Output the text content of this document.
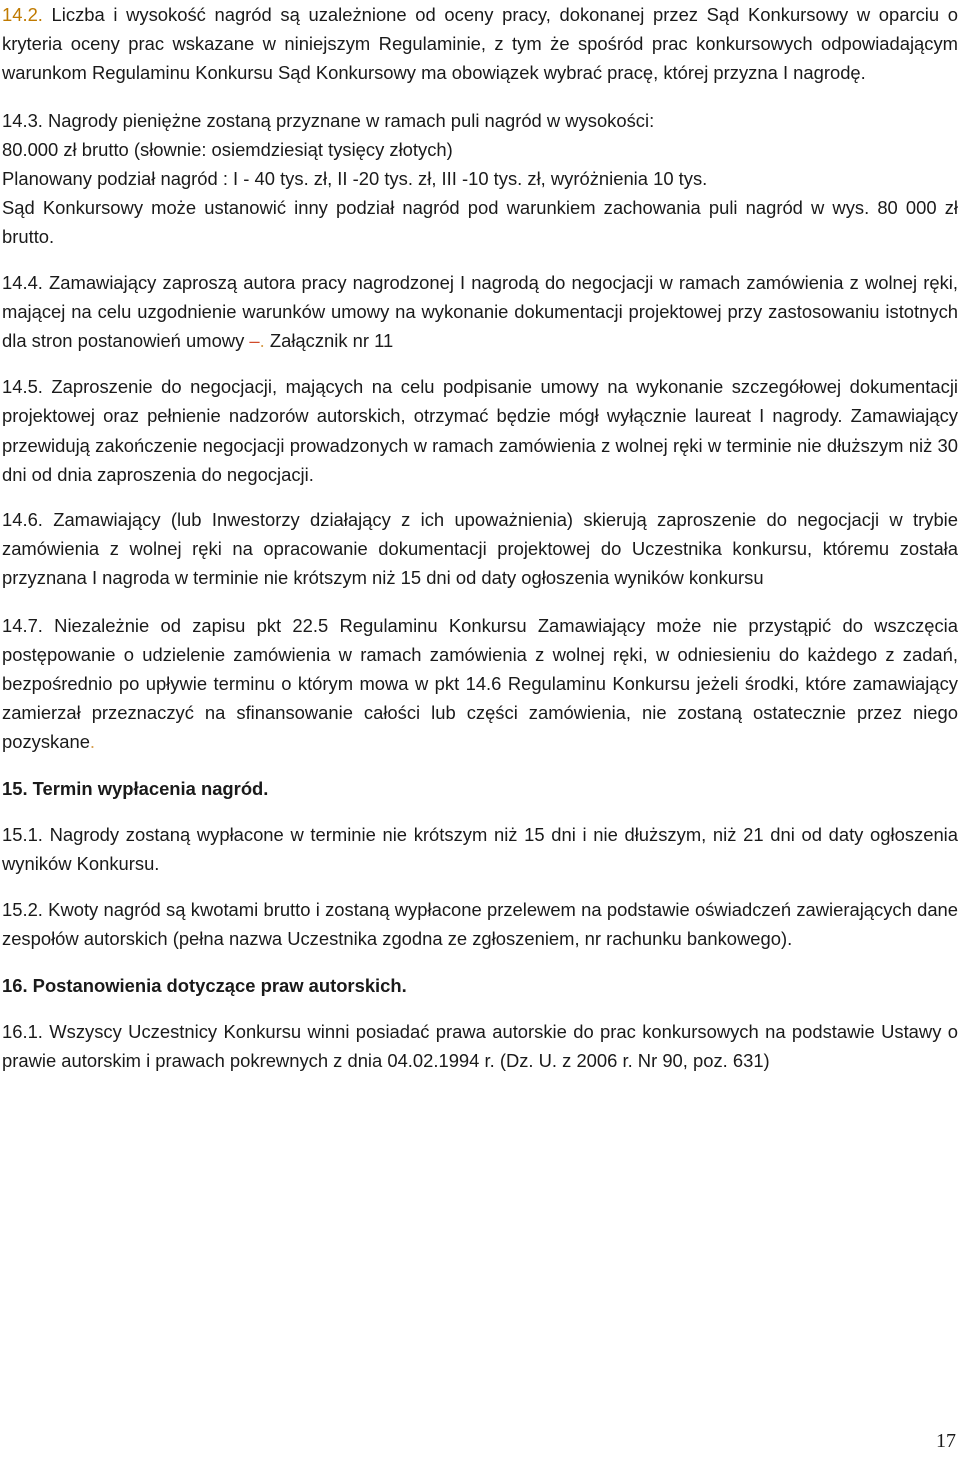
14.2. Liczba i wysokość nagród są uzależnione od oceny pracy, dokonanej przez Sąd Konkursowy w oparciu o kryteria oceny prac wskazane w niniejszym Regulaminie, z tym że spośród prac konkursowych odpowiadającym warunkom Regulaminu Konkursu Sąd Konkursowy ma obowiązek wybrać pracę, której przyzna I nagrodę.

14.3. Nagrody pieniężne zostaną przyznane w ramach puli nagród w wysokości:
80.000 zł brutto (słownie: osiemdziesiąt tysięcy złotych)
Planowany podział nagród : I - 40 tys. zł, II -20 tys. zł, III -10 tys. zł, wyróżnienia 10 tys.

Sąd Konkursowy może ustanowić inny podział nagród pod warunkiem zachowania puli nagród w wys. 80 000 zł brutto.

14.4. Zamawiający zaproszą autora pracy nagrodzonej I nagrodą do negocjacji w ramach zamówienia z wolnej ręki, mającej na celu uzgodnienie warunków umowy na wykonanie dokumentacji projektowej przy zastosowaniu istotnych dla stron postanowień umowy –. Załącznik nr 11

14.5. Zaproszenie do negocjacji, mających na celu podpisanie umowy na wykonanie szczegółowej dokumentacji projektowej oraz pełnienie nadzorów autorskich, otrzymać będzie mógł wyłącznie laureat I nagrody. Zamawiający przewidują zakończenie negocjacji prowadzonych w ramach zamówienia z wolnej ręki w terminie nie dłuższym niż 30 dni od dnia zaproszenia do negocjacji.

14.6. Zamawiający (lub Inwestorzy działający z ich upoważnienia) skierują zaproszenie do negocjacji w trybie zamówienia z wolnej ręki na opracowanie dokumentacji projektowej do Uczestnika konkursu, któremu została przyznana I nagroda w terminie nie krótszym niż 15 dni od daty ogłoszenia wyników konkursu

14.7. Niezależnie od zapisu pkt 22.5 Regulaminu Konkursu Zamawiający może nie przystąpić do wszczęcia postępowanie o udzielenie zamówienia w ramach zamówienia z wolnej ręki, w odniesieniu do każdego z zadań, bezpośrednio po upływie terminu o którym mowa w pkt 14.6 Regulaminu Konkursu jeżeli środki, które zamawiający zamierzał przeznaczyć na sfinansowanie całości lub części zamówienia, nie zostaną ostatecznie przez niego pozyskane.

15. Termin wypłacenia nagród.

15.1. Nagrody zostaną wypłacone w terminie nie krótszym niż 15 dni i nie dłuższym, niż 21 dni od daty ogłoszenia wyników Konkursu.

15.2. Kwoty nagród są kwotami brutto i zostaną wypłacone przelewem na podstawie oświadczeń zawierających dane zespołów autorskich (pełna nazwa Uczestnika zgodna ze zgłoszeniem, nr rachunku bankowego).

16. Postanowienia dotyczące praw autorskich.

16.1. Wszyscy Uczestnicy Konkursu winni posiadać prawa autorskie do prac konkursowych na podstawie Ustawy o prawie autorskim i prawach pokrewnych z dnia 04.02.1994 r. (Dz. U. z 2006 r. Nr 90, poz. 631)

17
